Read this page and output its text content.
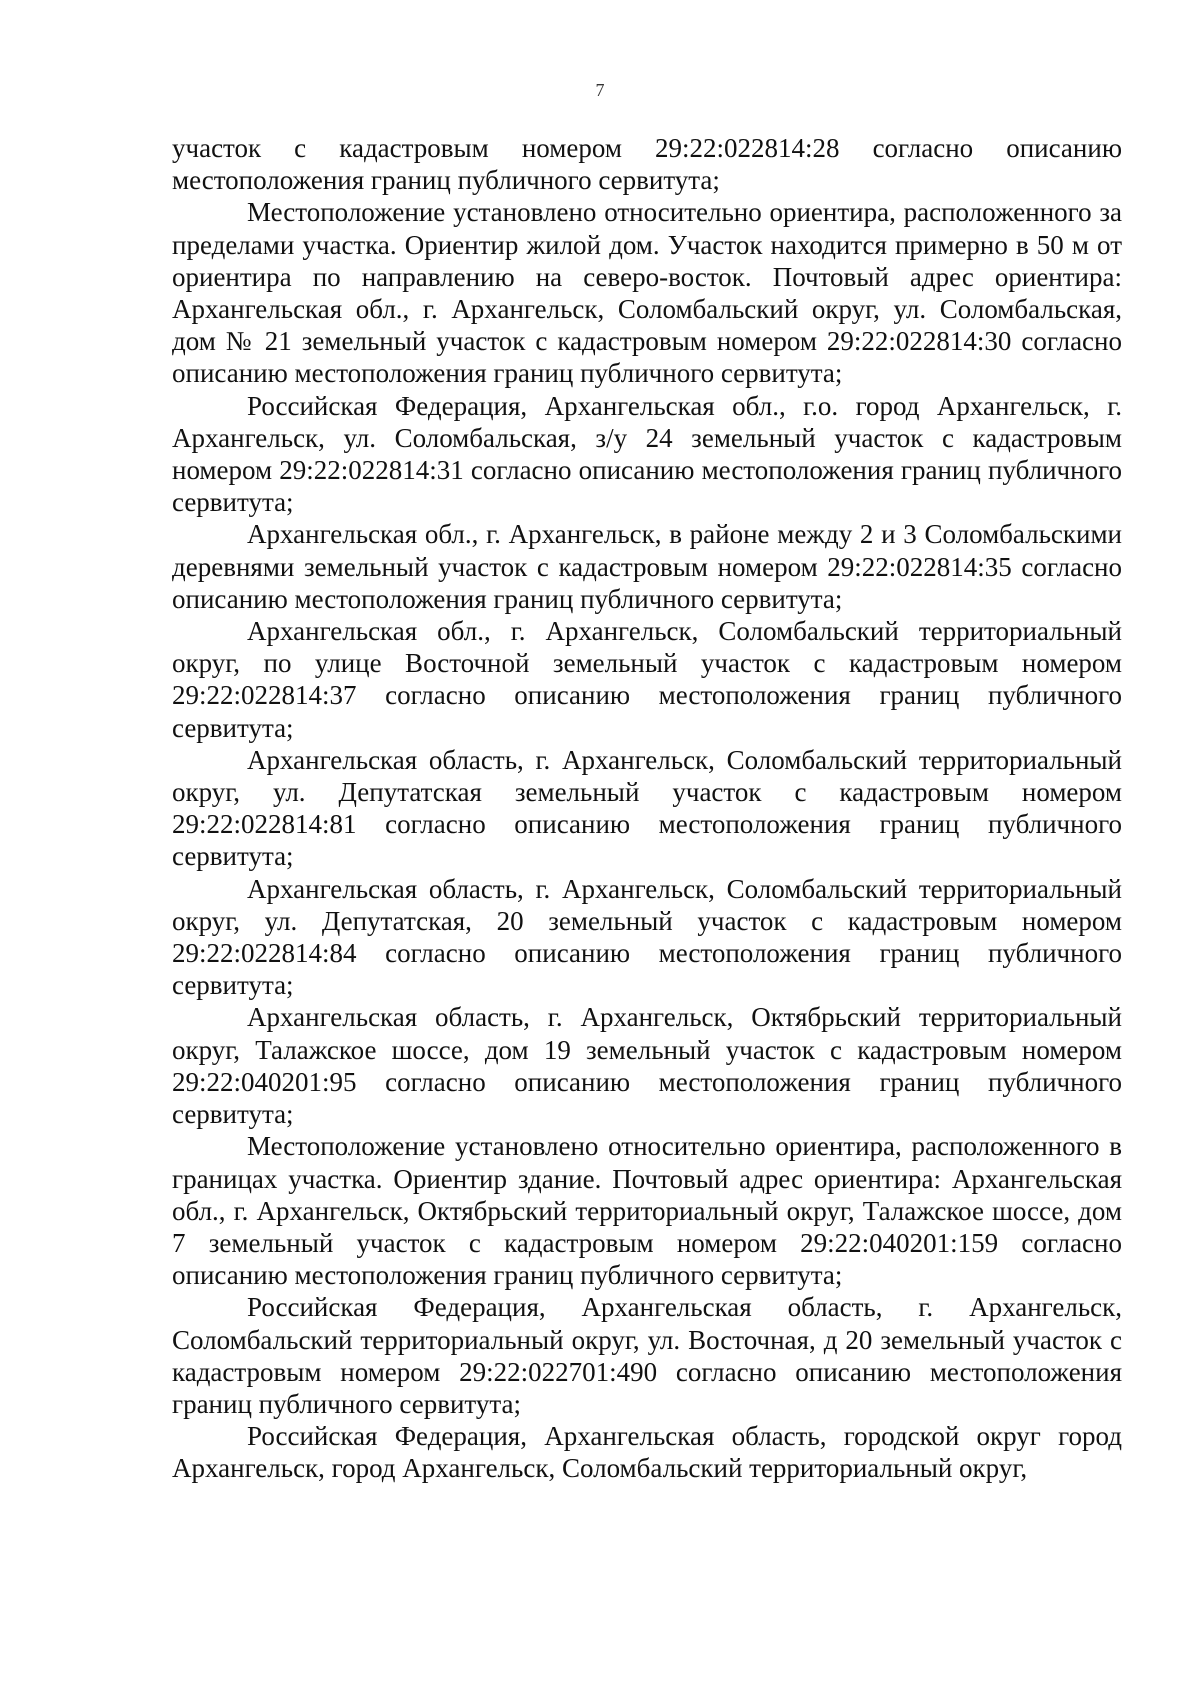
7

участок с кадастровым номером 29:22:022814:28 согласно описанию местоположения границ публичного сервитута;

Местоположение установлено относительно ориентира, расположенного за пределами участка. Ориентир жилой дом. Участок находится примерно в 50 м от ориентира по направлению на северо-восток. Почтовый адрес ориентира: Архангельская обл., г. Архангельск, Соломбальский округ, ул. Соломбальская, дом № 21 земельный участок с кадастровым номером 29:22:022814:30 согласно описанию местоположения границ публичного сервитута;

Российская Федерация, Архангельская обл., г.о. город Архангельск, г. Архангельск, ул. Соломбальская, з/у 24 земельный участок с кадастровым номером 29:22:022814:31 согласно описанию местоположения границ публичного сервитута;

Архангельская обл., г. Архангельск, в районе между 2 и 3 Соломбальскими деревнями земельный участок с кадастровым номером 29:22:022814:35 согласно описанию местоположения границ публичного сервитута;

Архангельская обл., г. Архангельск, Соломбальский территориальный округ, по улице Восточной земельный участок с кадастровым номером 29:22:022814:37 согласно описанию местоположения границ публичного сервитута;

Архангельская область, г. Архангельск, Соломбальский территориальный округ, ул. Депутатская земельный участок с кадастровым номером 29:22:022814:81 согласно описанию местоположения границ публичного сервитута;

Архангельская область, г. Архангельск, Соломбальский территориальный округ, ул. Депутатская, 20 земельный участок с кадастровым номером 29:22:022814:84 согласно описанию местоположения границ публичного сервитута;

Архангельская область, г. Архангельск, Октябрьский территориальный округ, Талажское шоссе, дом 19 земельный участок с кадастровым номером 29:22:040201:95 согласно описанию местоположения границ публичного сервитута;

Местоположение установлено относительно ориентира, расположенного в границах участка. Ориентир здание. Почтовый адрес ориентира: Архангельская обл., г. Архангельск, Октябрьский территориальный округ, Талажское шоссе, дом 7 земельный участок с кадастровым номером 29:22:040201:159 согласно описанию местоположения границ публичного сервитута;

Российская Федерация, Архангельская область, г. Архангельск, Соломбальский территориальный округ, ул. Восточная, д 20 земельный участок с кадастровым номером 29:22:022701:490 согласно описанию местоположения границ публичного сервитута;

Российская Федерация, Архангельская область, городской округ город Архангельск, город Архангельск, Соломбальский территориальный округ,
